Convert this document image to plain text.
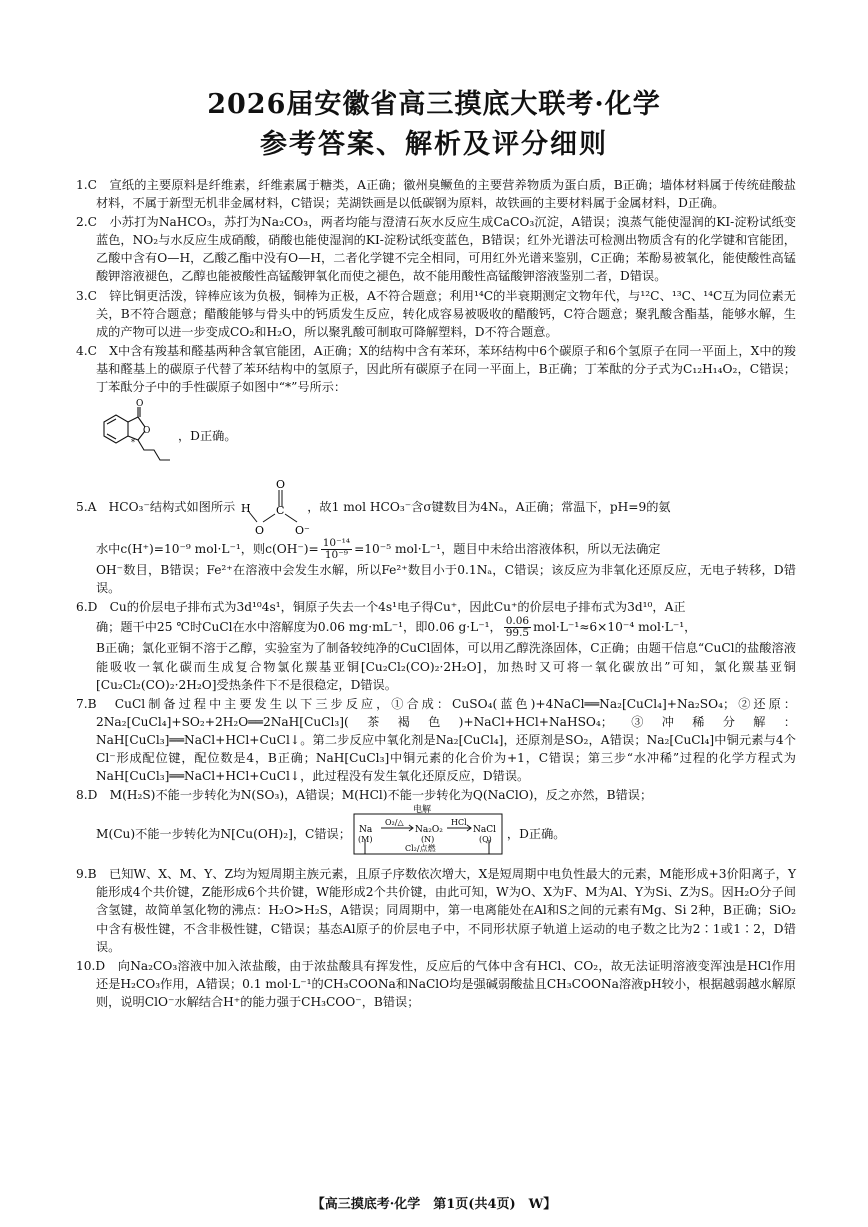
2026届安徽省高三摸底大联考·化学
参考答案、解析及评分细则

1.C　宣纸的主要原料是纤维素，纤维素属于糖类，A正确；徽州臭鳜鱼的主要营养物质为蛋白质，B正确；墙体材料属于传统硅酸盐材料，不属于新型无机非金属材料，C错误；芜湖铁画是以低碳钢为原料，故铁画的主要材料属于金属材料，D正确。

2.C　小苏打为NaHCO₃，苏打为Na₂CO₃，两者均能与澄清石灰水反应生成CaCO₃沉淀，A错误；溴蒸气能使湿润的KI-淀粉试纸变蓝色，NO₂与水反应生成硝酸，硝酸也能使湿润的KI-淀粉试纸变蓝色，B错误；红外光谱法可检测出物质含有的化学键和官能团，乙酸中含有O—H，乙酸乙酯中没有O—H，二者化学键不完全相同，可用红外光谱来鉴别，C正确；苯酚易被氧化，能使酸性高锰酸钾溶液褪色，乙醇也能被酸性高锰酸钾氧化而使之褪色，故不能用酸性高锰酸钾溶液鉴别二者，D错误。

3.C　锌比铜更活泼，锌棒应该为负极，铜棒为正极，A不符合题意；利用¹⁴C的半衰期测定文物年代，与¹²C、¹³C、¹⁴C互为同位素无关，B不符合题意；醋酸能够与骨头中的钙质发生反应，转化成容易被吸收的醋酸钙，C符合题意；聚乳酸含酯基，能够水解，生成的产物可以进一步变成CO₂和H₂O，所以聚乳酸可制取可降解塑料，D不符合题意。

4.C　X中含有羧基和醛基两种含氧官能团，A正确；X的结构中含有苯环，苯环结构中6个碳原子和6个氢原子在同一平面上，X中的羧基和醛基上的碳原子代替了苯环结构中的氢原子，因此所有碳原子在同一平面上，B正确；丁苯酞的分子式为C₁₂H₁₄O₂，C错误；丁苯酞分子中的手性碳原子如图中“*”号所示：

O
O
*	，D正确。

5.A　HCO₃⁻结构式如图所示 H C
O
O	O⁻
，故1 mol HCO₃⁻含σ键数目为4Nₐ，A正确；常温下，pH=9的氨

水中c(H⁺)=10⁻⁹ mol·L⁻¹，则$c(OH^-)= \frac{\text{10⁻¹⁴}}{\text{10⁻⁹}} =10^{-5}$ mol·L⁻¹，题目中未给出溶液体积，所以无法确定

OH⁻数目，B错误；Fe²⁺在溶液中会发生水解，所以Fe²⁺数目小于0.1Nₐ，C错误；该反应为非氧化还原反应，无电子转移，D错误。

6.D　Cu的价层电子排布式为3d¹⁰4s¹，铜原子失去一个4s¹电子得Cu⁺，因此Cu⁺的价层电子排布式为3d¹⁰，A正

确；题干中25 ℃时CuCl在水中溶解度为0.06 mg·mL⁻¹，即0.06 g·L⁻¹， $\frac{0.06}{99.5} mol\cdot L^{-1}\approx 6\times 10^{-4}$ mol·L⁻¹，

B正确；氯化亚铜不溶于乙醇，实验室为了制备较纯净的CuCl固体，可以用乙醇洗涤固体，C正确；由题干信息“CuCl的盐酸溶液能吸收一氧化碳而生成复合物氯化羰基亚铜[Cu₂Cl₂(CO)₂·2H₂O]，加热时又可将一氧化碳放出”可知，氯化羰基亚铜[Cu₂Cl₂(CO)₂·2H₂O]受热条件下不是很稳定，D错误。

7.B　CuCl制备过程中主要发生以下三步反应，①合成：CuSO₄(蓝色)+4NaCl══Na₂[CuCl₄]+Na₂SO₄；②还原：2Na₂[CuCl₄]+SO₂+2H₂O══2NaH[CuCl₃](茶褐色)+NaCl+HCl+NaHSO₄；③冲稀分解：NaH[CuCl₃]══NaCl+HCl+CuCl↓。第二步反应中氧化剂是Na₂[CuCl₄]，还原剂是SO₂，A错误；Na₂[CuCl₄]中铜元素与4个Cl⁻形成配位键，配位数是4，B正确；NaH[CuCl₃]中铜元素的化合价为+1，C错误；第三步“水冲稀”过程的化学方程式为NaH[CuCl₃]══NaCl+HCl+CuCl↓，此过程没有发生氧化还原反应，D错误。

8.D　M(H₂S)不能一步转化为N(SO₃)，A错误；M(HCl)不能一步转化为Q(NaClO)，反之亦然，B错误；

M(Cu)不能一步转化为N[Cu(OH)₂]，C错误；
电解
Na
(M)
O₂/△
Na₂O₂
(N)
HCl
NaCl
(Q)
Cl₂/点燃
，D正确。

9.B　已知W、X、M、Y、Z均为短周期主族元素，且原子序数依次增大，X是短周期中电负性最大的元素，M能形成+3价阳离子，Y能形成4个共价键，Z能形成6个共价键，W能形成2个共价键，由此可知，W为O、X为F、M为Al、Y为Si、Z为S。因H₂O分子间含氢键，故简单氢化物的沸点：H₂O>H₂S，A错误；同周期中，第一电离能处在Al和S之间的元素有Mg、Si 2种，B正确；SiO₂中含有极性键，不含非极性键，C错误；基态Al原子的价层电子中，不同形状原子轨道上运动的电子数之比为2∶1或1∶2，D错误。

10.D　向Na₂CO₃溶液中加入浓盐酸，由于浓盐酸具有挥发性，反应后的气体中含有HCl、CO₂，故无法证明溶液变浑浊是HCl作用还是H₂CO₃作用，A错误；0.1 mol·L⁻¹的CH₃COONa和NaClO均是强碱弱酸盐且CH₃COONa溶液pH较小，根据越弱越水解原则，说明ClO⁻水解结合H⁺的能力强于CH₃COO⁻，B错误；

【高三摸底考·化学　第1页(共4页)　W】
